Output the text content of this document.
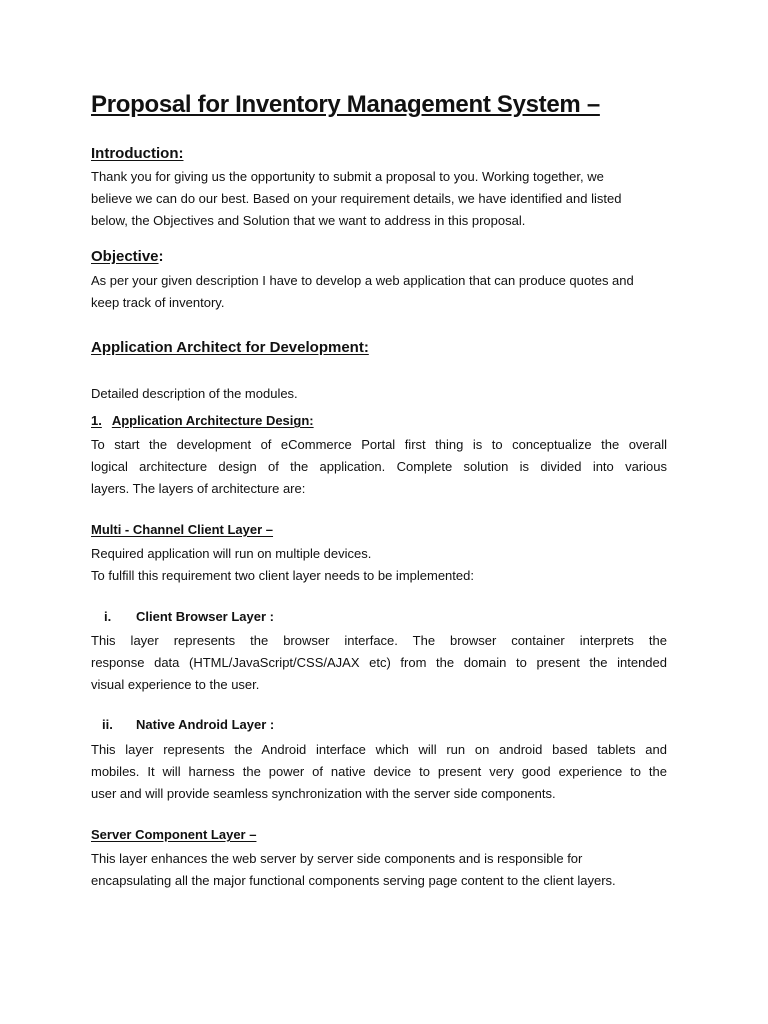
Proposal for Inventory Management System –
Introduction:
Thank you for giving us the opportunity to submit a proposal to you. Working together, we
believe we can do our best. Based on your requirement details, we have identified and listed
below, the Objectives and Solution that we want to address in this proposal.
Objective:
As per your given description I have to develop a web application that can produce quotes and
keep track of inventory.
Application Architect for Development:
Detailed description of the modules.
1. Application Architecture Design:
To start the development of eCommerce Portal first thing is to conceptualize the overall
logical architecture design of the application. Complete solution is divided into various
layers. The layers of architecture are:
Multi - Channel Client Layer –
Required application will run on multiple devices.
To fulfill this requirement two client layer needs to be implemented:
i. Client Browser Layer :
This layer represents the browser interface. The browser container interprets the
response data (HTML/JavaScript/CSS/AJAX etc) from the domain to present the intended
visual experience to the user.
ii. Native Android Layer :
This layer represents the Android interface which will run on android based tablets and
mobiles. It will harness the power of native device to present very good experience to the
user and will provide seamless synchronization with the server side components.
Server Component Layer –
This layer enhances the web server by server side components and is responsible for
encapsulating all the major functional components serving page content to the client layers.
